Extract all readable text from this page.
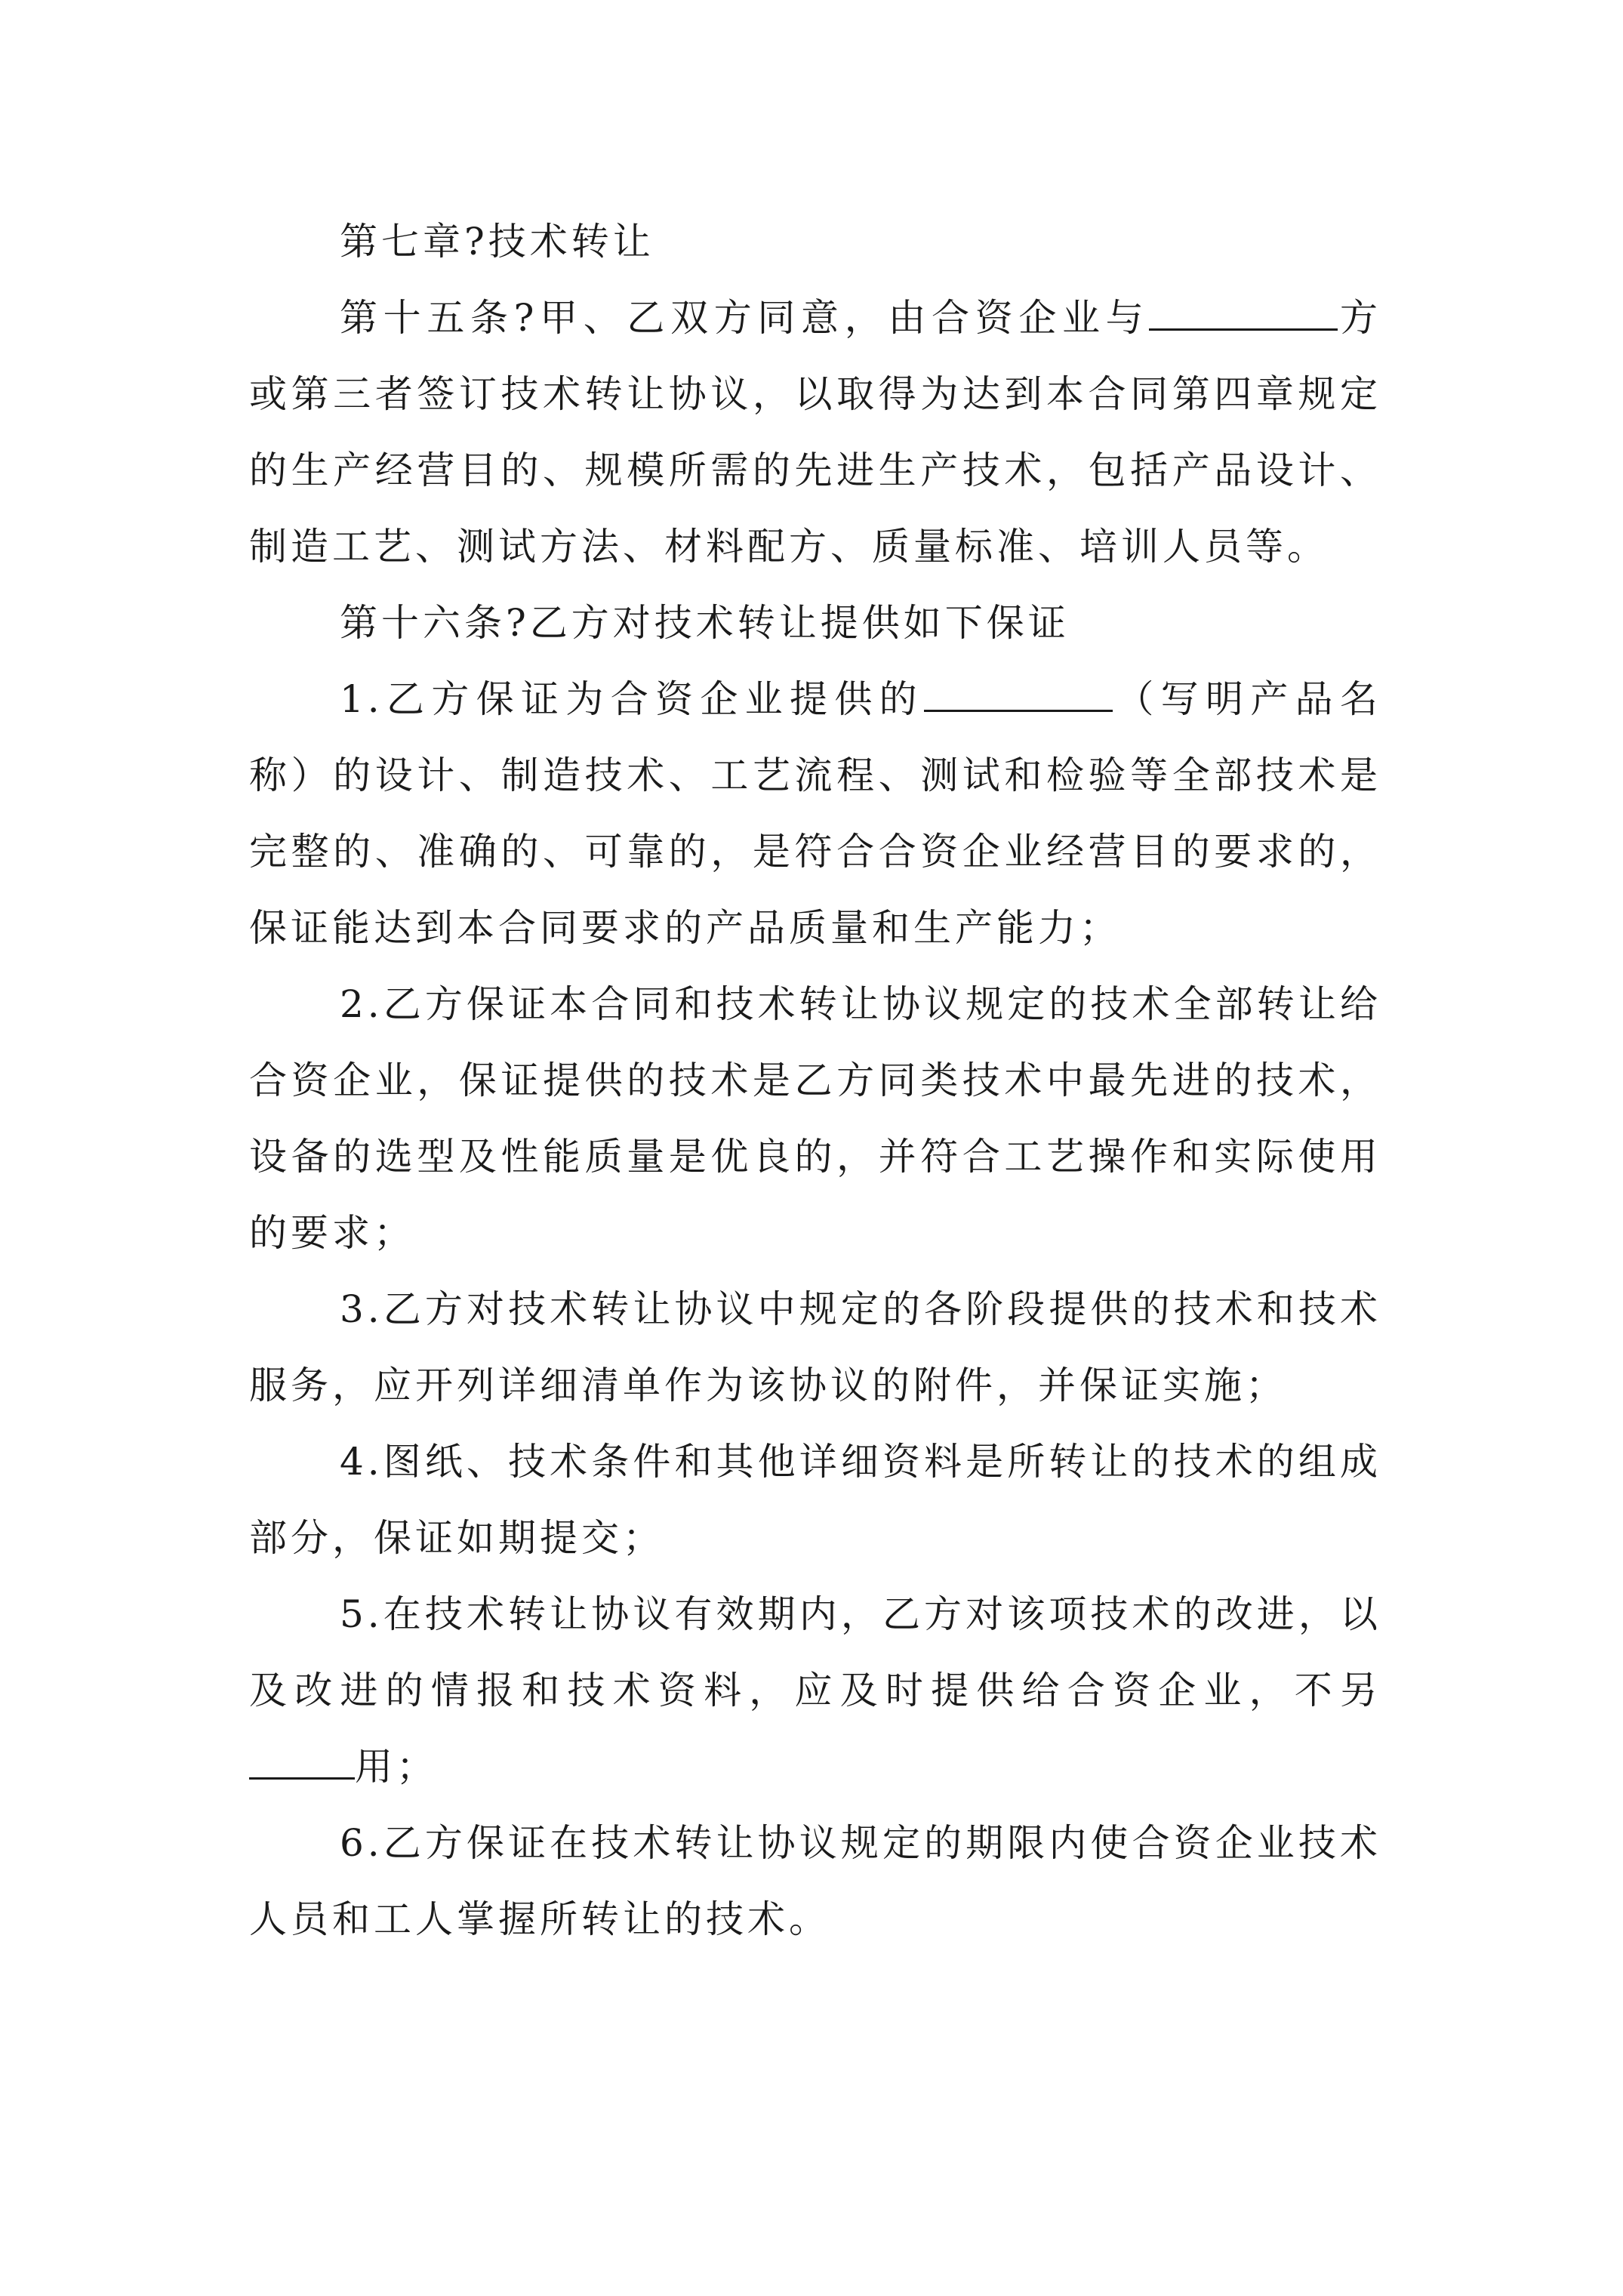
第七章?技术转让

第十五条?甲、乙双方同意，由合资企业与	方或第三者签订技术转让协议，以取得为达到本合同第四章规定的生产经营目的、规模所需的先进生产技术，包括产品设计、制造工艺、测试方法、材料配方、质量标准、培训人员等。

第十六条?乙方对技术转让提供如下保证

1.乙方保证为合资企业提供的	（写明产品名称）的设计、制造技术、工艺流程、测试和检验等全部技术是完整的、准确的、可靠的，是符合合资企业经营目的要求的，保证能达到本合同要求的产品质量和生产能力；

2.乙方保证本合同和技术转让协议规定的技术全部转让给合资企业，保证提供的技术是乙方同类技术中最先进的技术，设备的选型及性能质量是优良的，并符合工艺操作和实际使用的要求；

3.乙方对技术转让协议中规定的各阶段提供的技术和技术服务，应开列详细清单作为该协议的附件，并保证实施；

4.图纸、技术条件和其他详细资料是所转让的技术的组成部分，保证如期提交；

5.在技术转让协议有效期内，乙方对该项技术的改进，以及改进的情报和技术资料，应及时提供给合资企业，不另用；

6.乙方保证在技术转让协议规定的期限内使合资企业技术人员和工人掌握所转让的技术。
